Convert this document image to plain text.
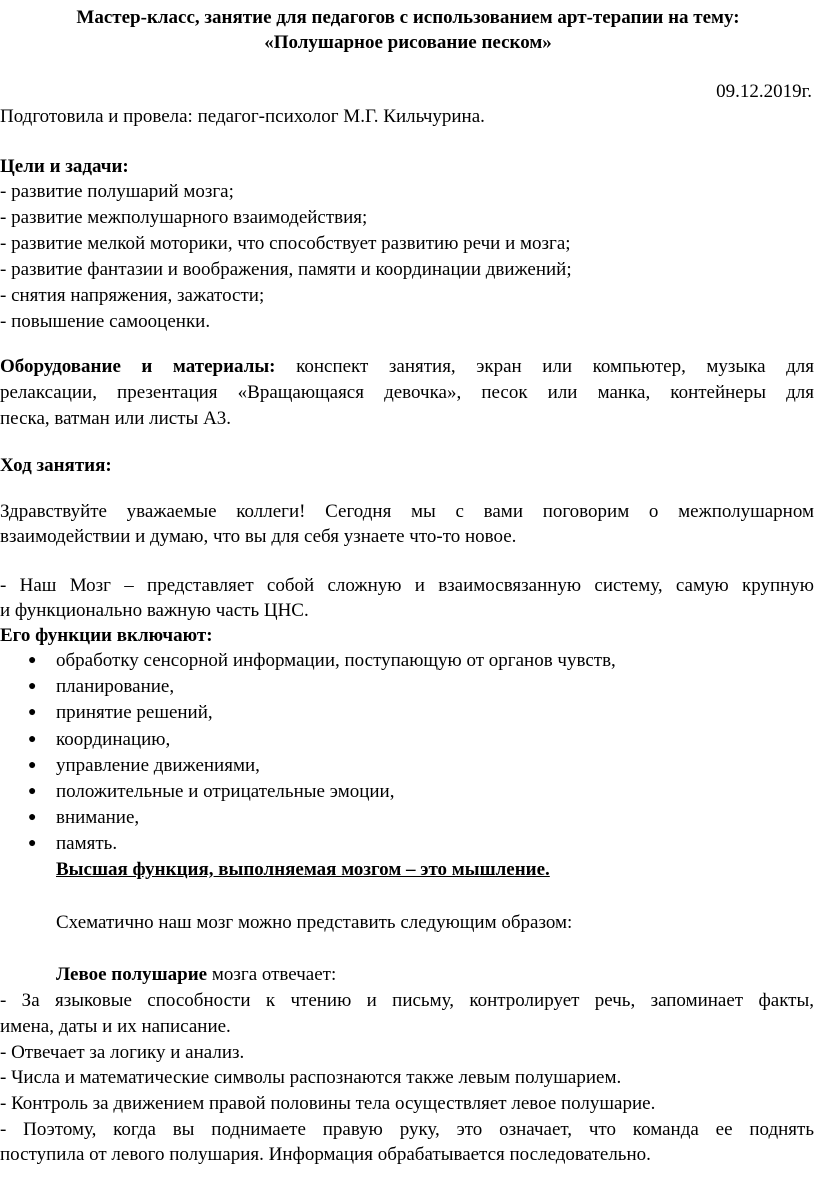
Мастер-класс, занятие для педагогов с использованием арт-терапии на тему:
«Полушарное рисование песком»
09.12.2019г.
Подготовила и провела: педагог-психолог М.Г. Кильчурина.
Цели и задачи:
- развитие полушарий мозга;
- развитие межполушарного взаимодействия;
- развитие мелкой моторики, что способствует развитию речи и мозга;
- развитие фантазии и воображения, памяти и координации движений;
- снятия напряжения, зажатости;
- повышение самооценки.
Оборудование и материалы: конспект занятия, экран или компьютер, музыка для
релаксации, презентация «Вращающаяся девочка», песок или манка, контейнеры для
песка, ватман или листы А3.
Ход занятия:
Здравствуйте уважаемые коллеги! Сегодня мы с вами поговорим о межполушарном
взаимодействии и думаю, что вы для себя узнаете что-то новое.
- Наш Мозг – представляет собой сложную и взаимосвязанную систему, самую крупную
и функционально важную часть ЦНС.
Его функции включают:
● обработку сенсорной информации, поступающую от органов чувств,
● планирование,
● принятие решений,
● координацию,
● управление движениями,
● положительные и отрицательные эмоции,
● внимание,
● память.
Высшая функция, выполняемая мозгом – это мышление.
Схематично наш мозг можно представить следующим образом:
Левое полушарие мозга отвечает:
- За языковые способности к чтению и письму, контролирует речь, запоминает факты,
имена, даты и их написание.
- Отвечает за логику и анализ.
- Числа и математические символы распознаются также левым полушарием.
- Контроль за движением правой половины тела осуществляет левое полушарие.
- Поэтому, когда вы поднимаете правую руку, это означает, что команда ее поднять
поступила от левого полушария. Информация обрабатывается последовательно.
